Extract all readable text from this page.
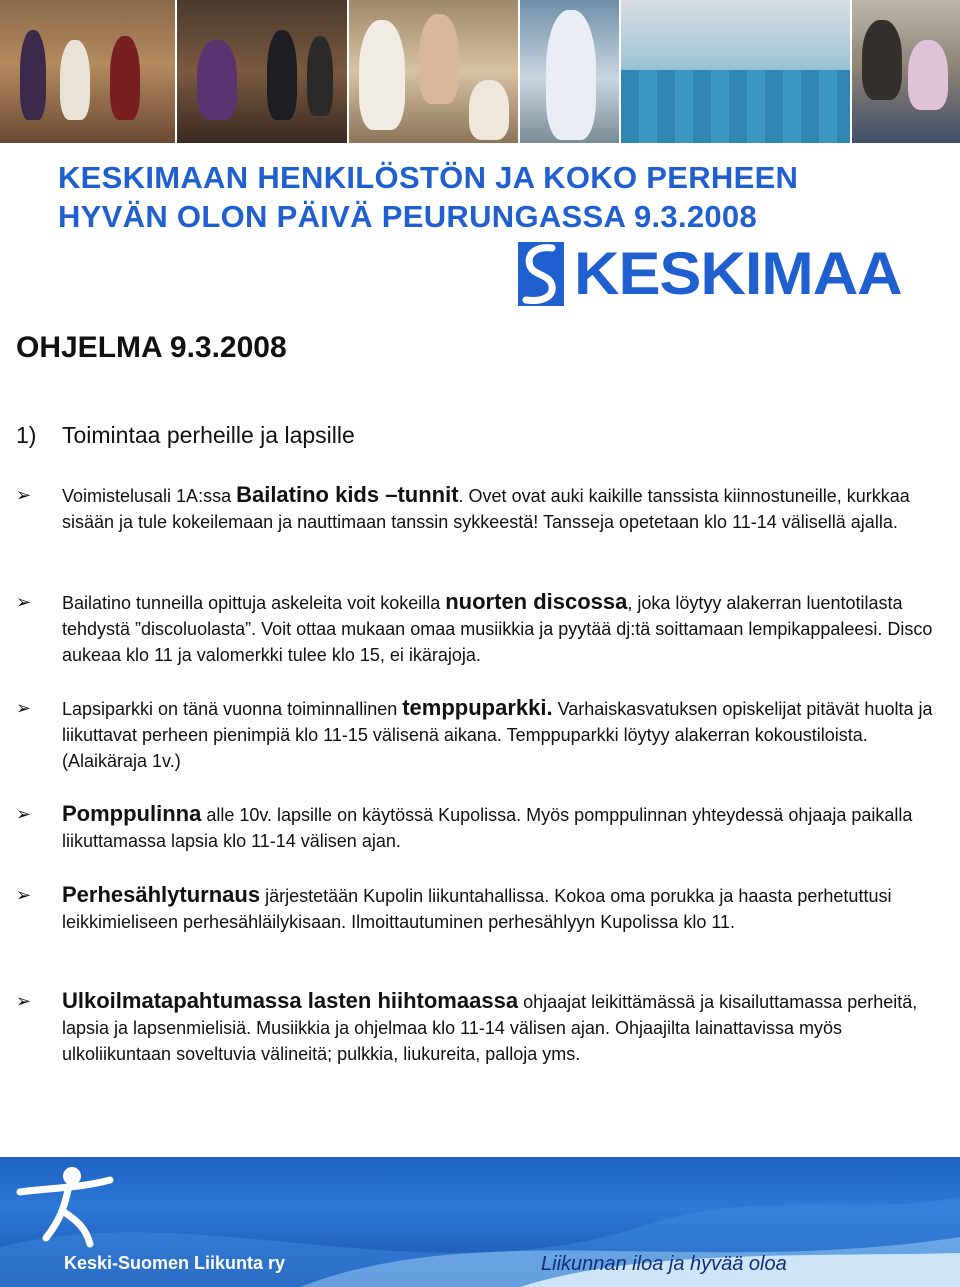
KESKIMAAN HENKILÖSTÖN JA KOKO PERHEEN
HYVÄN OLON PÄIVÄ PEURUNGASSA 9.3.2008
KESKIMAA
OHJELMA 9.3.2008
1) Toimintaa perheille ja lapsille
➢	Voimistelusali 1A:ssa Bailatino kids –tunnit. Ovet ovat auki kaikille tanssista kiinnostuneille, kurkkaa sisään ja tule kokeilemaan ja nauttimaan tanssin sykkeestä! Tansseja opetetaan klo 11-14 välisellä ajalla.
➢	Bailatino tunneilla opittuja askeleita voit kokeilla nuorten discossa, joka löytyy alakerran luentotilasta tehdystä ”discoluolasta”. Voit ottaa mukaan omaa musiikkia ja pyytää dj:tä soittamaan lempikappaleesi. Disco aukeaa klo 11 ja valomerkki tulee klo 15, ei ikärajoja.
➢	Lapsiparkki on tänä vuonna toiminnallinen temppuparkki. Varhaiskasvatuksen opiskelijat pitävät huolta ja liikuttavat perheen pienimpiä klo 11-15 välisenä aikana. Temppuparkki löytyy alakerran kokoustiloista. (Alaikäraja 1v.)
➢	Pomppulinna alle 10v. lapsille on käytössä Kupolissa. Myös pomppulinnan yhteydessä ohjaaja paikalla liikuttamassa lapsia klo 11-14 välisen ajan.
➢	Perhesählyturnaus järjestetään Kupolin liikuntahallissa. Kokoa oma porukka ja haasta perhetuttusi leikkimieliseen perhesähläilykisaan. Ilmoittautuminen perhesählyyn Kupolissa klo 11.
➢	Ulkoilmatapahtumassa lasten hiihtomaassa ohjaajat leikittämässä ja kisailuttamassa perheitä, lapsia ja lapsenmielisiä. Musiikkia ja ohjelmaa klo 11-14 välisen ajan. Ohjaajilta lainattavissa myös ulkoliikuntaan soveltuvia välineitä; pulkkia, liukureita, palloja yms.
Keski-Suomen Liikunta ry	Liikunnan iloa ja hyvää oloa
